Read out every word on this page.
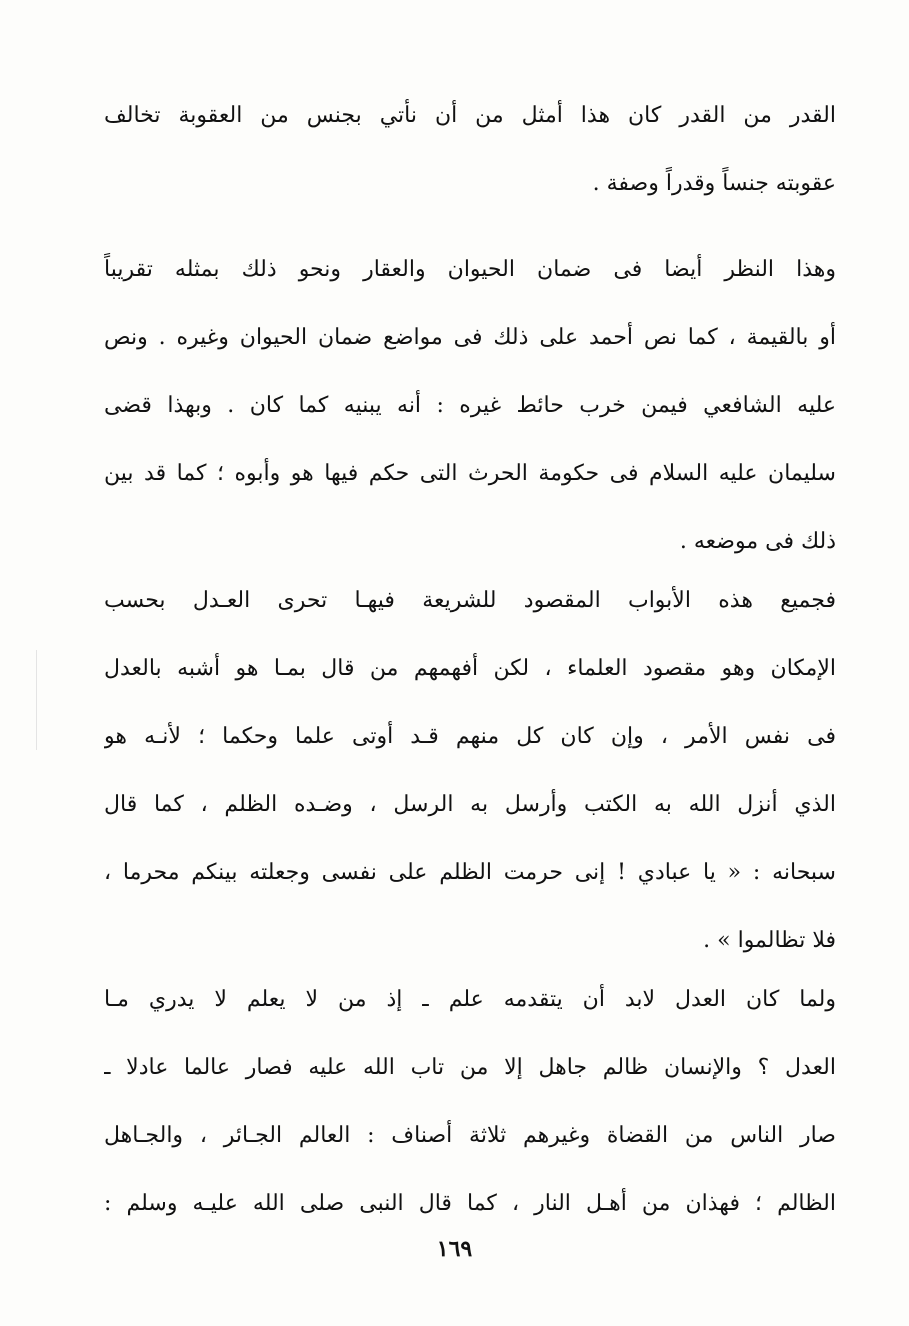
القدر من القدر كان هذا أمثل من أن نأتي بجنس من العقوبة تخالف
عقوبته جنساً وقدراً وصفة .
وهذا النظر أيضا فى ضمان الحيوان والعقار ونحو ذلك بمثله تقريباً
أو بالقيمة ، كما نص أحمد على ذلك فى مواضع ضمان الحيوان وغيره . ونص
عليه الشافعي فيمن خرب حائط غيره : أنه يبنيه كما كان . وبهذا قضى
سليمان عليه السلام فى حكومة الحرث التى حكم فيها هو وأبوه ؛ كما قد بين
ذلك فى موضعه .
فجميع هذه الأبواب المقصود للشريعة فيهـا تحرى العـدل بحسب
الإمكان وهو مقصود العلماء ، لكن أفهمهم من قال بمـا هو أشبه بالعدل
فى نفس الأمر ، وإن كان كل منهم قـد أوتى علما وحكما ؛ لأنـه هو
الذي أنزل الله به الكتب وأرسل به الرسل ، وضـده الظلم ، كما قال
سبحانه : « يا عبادي ! إنى حرمت الظلم على نفسى وجعلته بينكم محرما ،
فلا تظالموا » .
ولما كان العدل لابد أن يتقدمه علم ـ إذ من لا يعلم لا يدري مـا
العدل ؟ والإنسان ظالم جاهل إلا من تاب الله عليه فصار عالما عادلا ـ
صار الناس من القضاة وغيرهم ثلاثة أصناف : العالم الجـائر ، والجـاهل
الظالم ؛ فهذان من أهـل النار ، كما قال النبى صلى الله عليـه وسلم :
١٦٩
